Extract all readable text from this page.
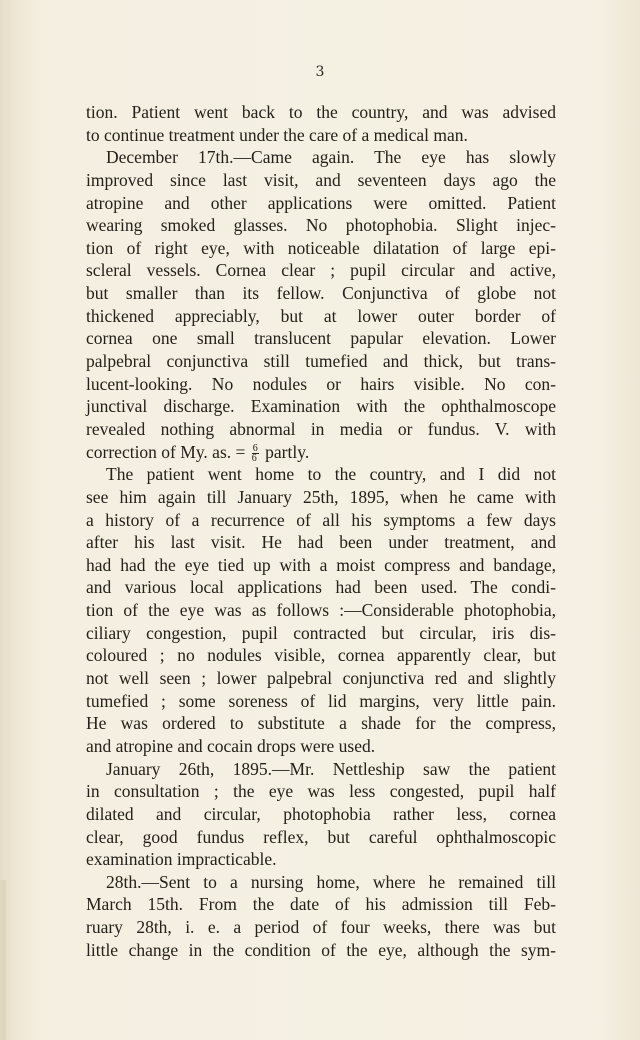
3
tion. Patient went back to the country, and was advised
to continue treatment under the care of a medical man.
December 17th.—Came again. The eye has slowly
improved since last visit, and seventeen days ago the
atropine and other applications were omitted. Patient
wearing smoked glasses. No photophobia. Slight injec-
tion of right eye, with noticeable dilatation of large epi-
scleral vessels. Cornea clear ; pupil circular and active,
but smaller than its fellow. Conjunctiva of globe not
thickened appreciably, but at lower outer border of
cornea one small translucent papular elevation. Lower
palpebral conjunctiva still tumefied and thick, but trans-
lucent-looking. No nodules or hairs visible. No con-
junctival discharge. Examination with the ophthalmoscope
revealed nothing abnormal in media or fundus. V. with
correction of My. as. = $\frac{6}{6}$ partly.
The patient went home to the country, and I did not
see him again till January 25th, 1895, when he came with
a history of a recurrence of all his symptoms a few days
after his last visit. He had been under treatment, and
had had the eye tied up with a moist compress and bandage,
and various local applications had been used. The condi-
tion of the eye was as follows :—Considerable photophobia,
ciliary congestion, pupil contracted but circular, iris dis-
coloured ; no nodules visible, cornea apparently clear, but
not well seen ; lower palpebral conjunctiva red and slightly
tumefied ; some soreness of lid margins, very little pain.
He was ordered to substitute a shade for the compress,
and atropine and cocain drops were used.
January 26th, 1895.—Mr. Nettleship saw the patient
in consultation ; the eye was less congested, pupil half
dilated and circular, photophobia rather less, cornea
clear, good fundus reflex, but careful ophthalmoscopic
examination impracticable.
28th.—Sent to a nursing home, where he remained till
March 15th. From the date of his admission till Feb-
ruary 28th, i. e. a period of four weeks, there was but
little change in the condition of the eye, although the sym-
